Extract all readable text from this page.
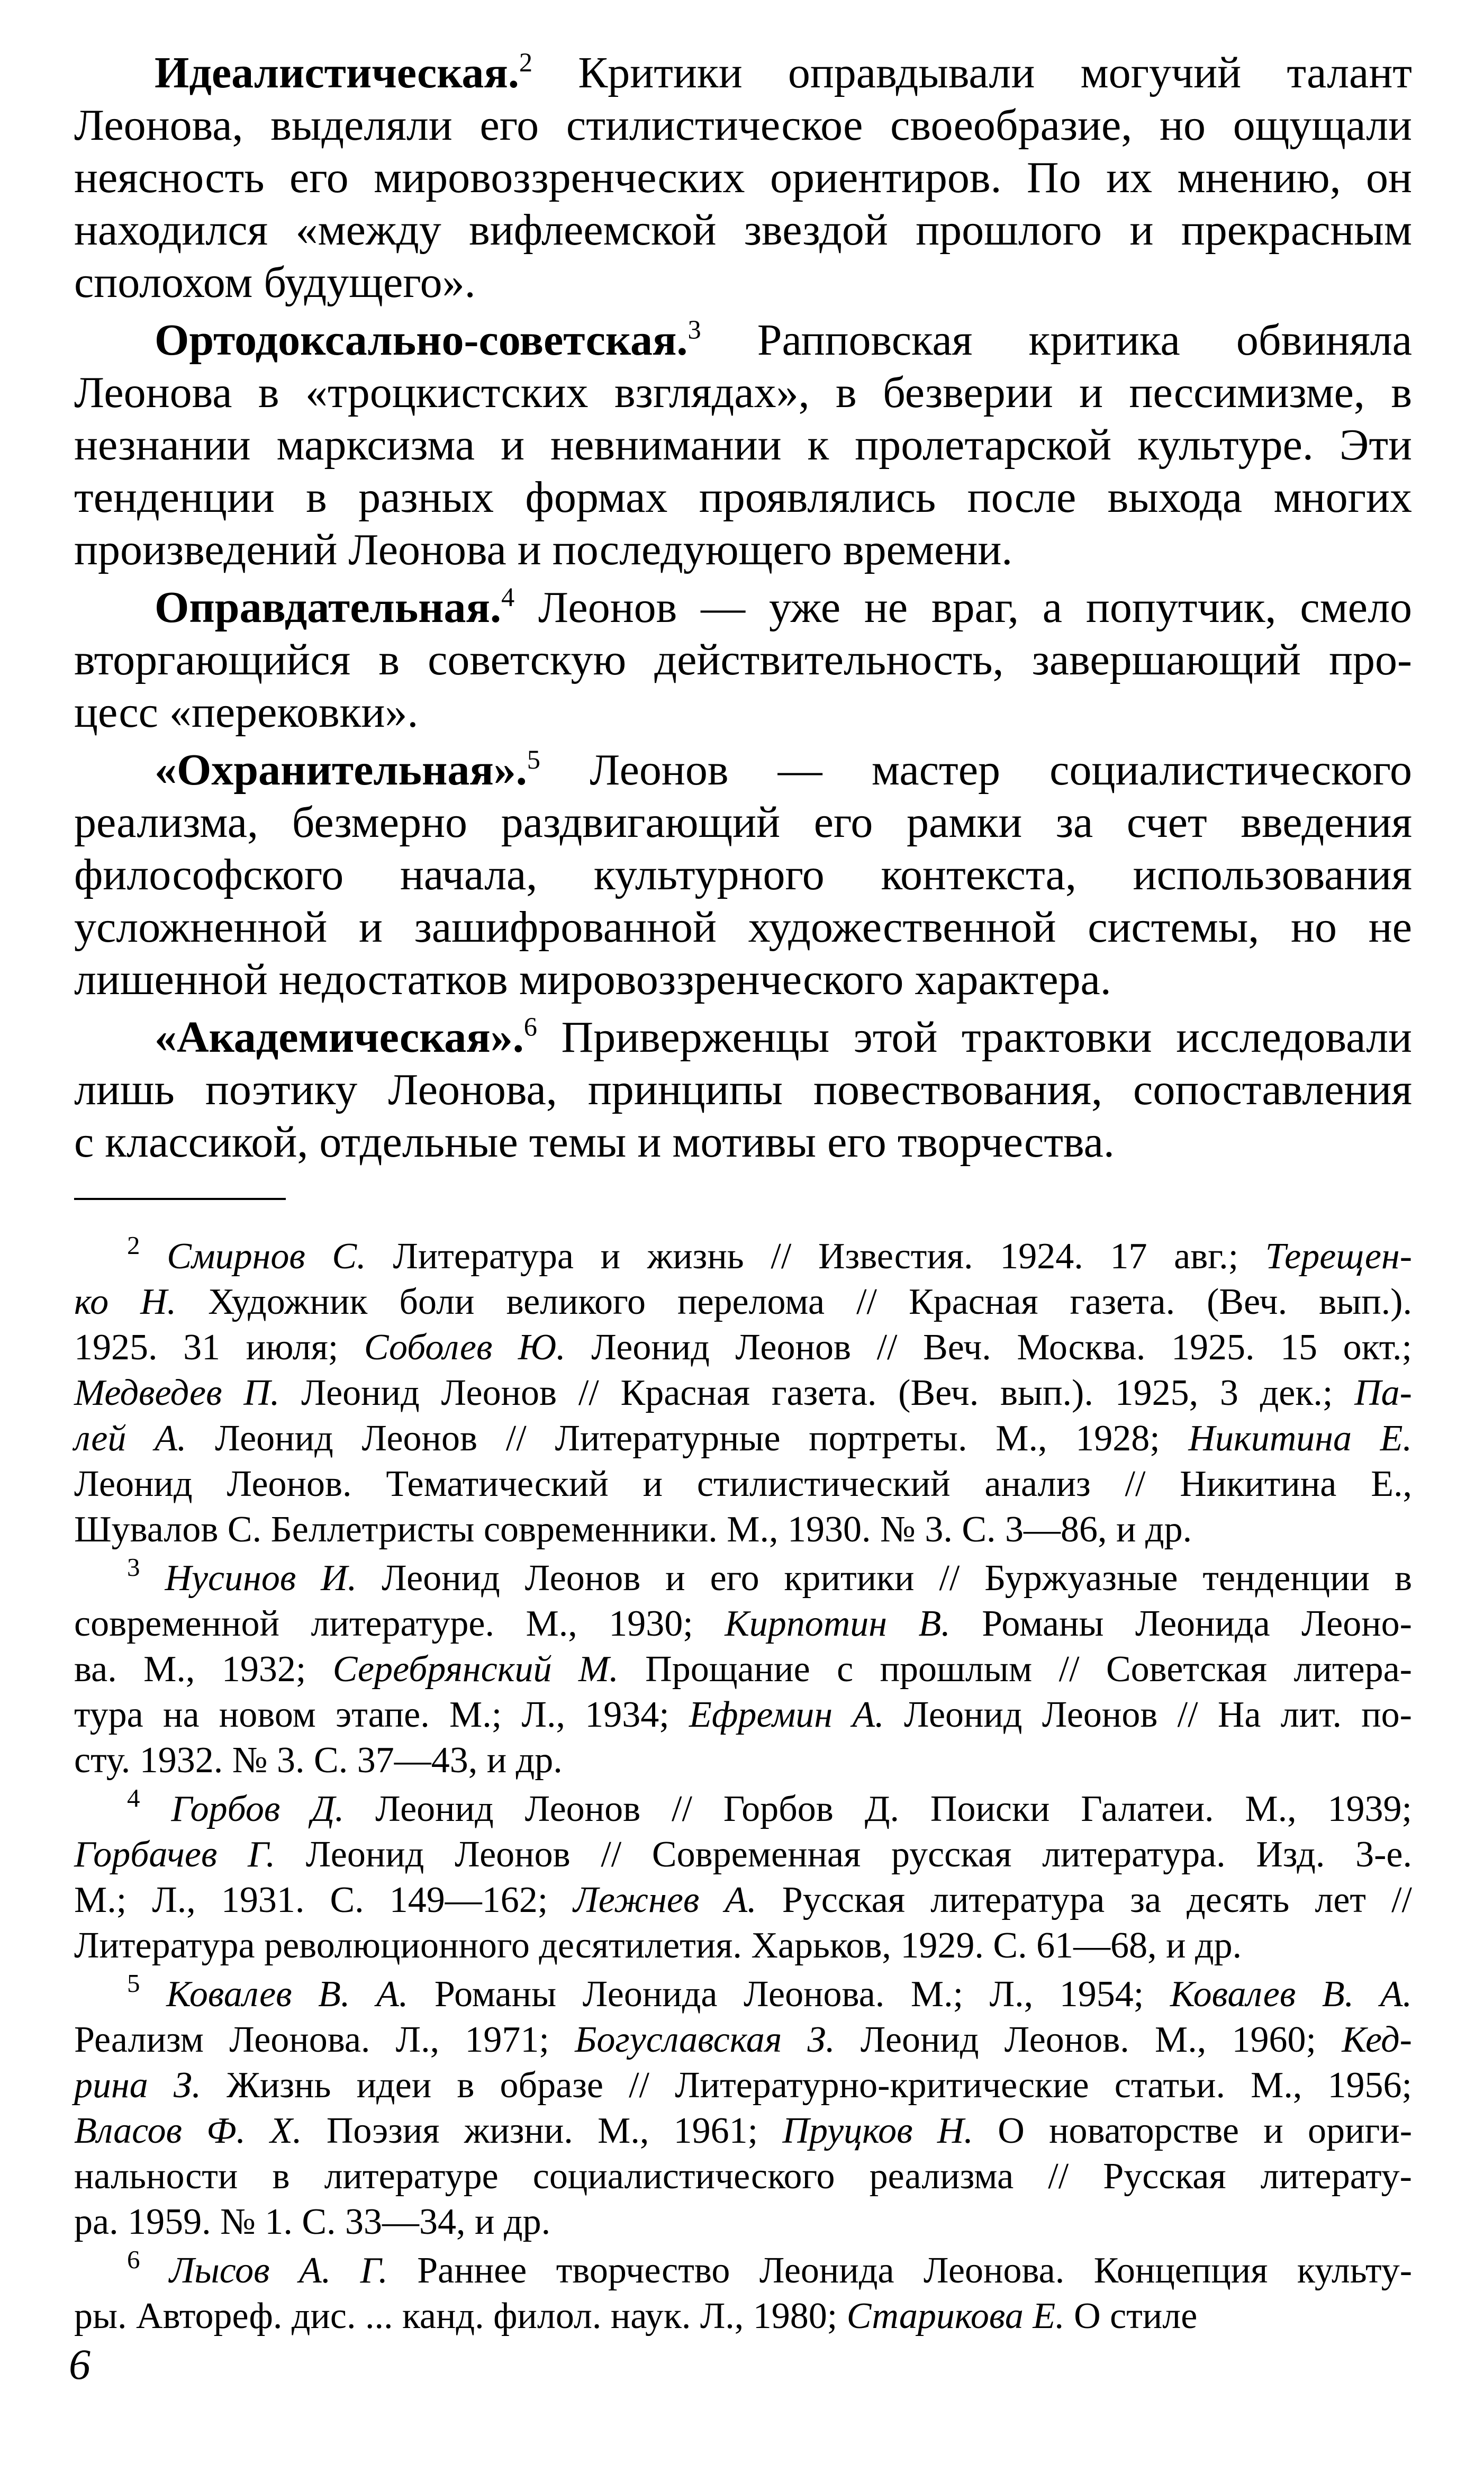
Идеалистическая.$^2$ Критики оправдывали могучий талант
Леонова, выделяли его стилистическое своеобразие, но ощущали
неясность его мировоззренческих ориентиров. По их мнению, он
находился «между вифлеемской звездой прошлого и прекрасным
сполохом будущего».
Ортодоксально-советская.$^3$ Рапповская критика обвиняла
Леонова в «троцкистских взглядах», в безверии и пессимизме, в
незнании марксизма и невнимании к пролетарской культуре. Эти
тенденции в разных формах проявлялись после выхода многих
произведений Леонова и последующего времени.
Оправдательная.$^4$ Леонов — уже не враг, а попутчик, смело
вторгающийся в советскую действительность, завершающий про-
цесс «перековки».
«Охранительная».$^5$ Леонов — мастер социалистического
реализма, безмерно раздвигающий его рамки за счет введения
философского начала, культурного контекста, использования
усложненной и зашифрованной художественной системы, но не
лишенной недостатков мировоззренческого характера.
«Академическая».$^6$ Приверженцы этой трактовки исследовали
лишь поэтику Леонова, принципы повествования, сопоставления
с классикой, отдельные темы и мотивы его творчества.
$^2$ Смирнов С. Литература и жизнь // Известия. 1924. 17 авг.; Терещен-
ко Н. Художник боли великого перелома // Красная газета. (Веч. вып.).
1925. 31 июля; Соболев Ю. Леонид Леонов // Веч. Москва. 1925. 15 окт.;
Медведев П. Леонид Леонов // Красная газета. (Веч. вып.). 1925, 3 дек.; Па-
лей А. Леонид Леонов // Литературные портреты. М., 1928; Никитина Е.
Леонид Леонов. Тематический и стилистический анализ // Никитина Е.,
Шувалов С. Беллетристы современники. М., 1930. № 3. С. 3—86, и др.
$^3$ Нусинов И. Леонид Леонов и его критики // Буржуазные тенденции в
современной литературе. М., 1930; Кирпотин В. Романы Леонида Леоно-
ва. М., 1932; Серебрянский М. Прощание с прошлым // Советская литера-
тура на новом этапе. М.; Л., 1934; Ефремин А. Леонид Леонов // На лит. по-
сту. 1932. № 3. С. 37—43, и др.
$^4$ Горбов Д. Леонид Леонов // Горбов Д. Поиски Галатеи. М., 1939;
Горбачев Г. Леонид Леонов // Современная русская литература. Изд. 3-е.
М.; Л., 1931. С. 149—162; Лежнев А. Русская литература за десять лет //
Литература революционного десятилетия. Харьков, 1929. С. 61—68, и др.
$^5$ Ковалев В. А. Романы Леонида Леонова. М.; Л., 1954; Ковалев В. А.
Реализм Леонова. Л., 1971; Богуславская З. Леонид Леонов. М., 1960; Кед-
рина З. Жизнь идеи в образе // Литературно-критические статьи. М., 1956;
Власов Ф. Х. Поэзия жизни. М., 1961; Пруцков Н. О новаторстве и ориги-
нальности в литературе социалистического реализма // Русская литерату-
ра. 1959. № 1. С. 33—34, и др.
$^6$ Лысов А. Г. Раннее творчество Леонида Леонова. Концепция культу-
ры. Автореф. дис. ... канд. филол. наук. Л., 1980; Старикова Е. О стиле
6
